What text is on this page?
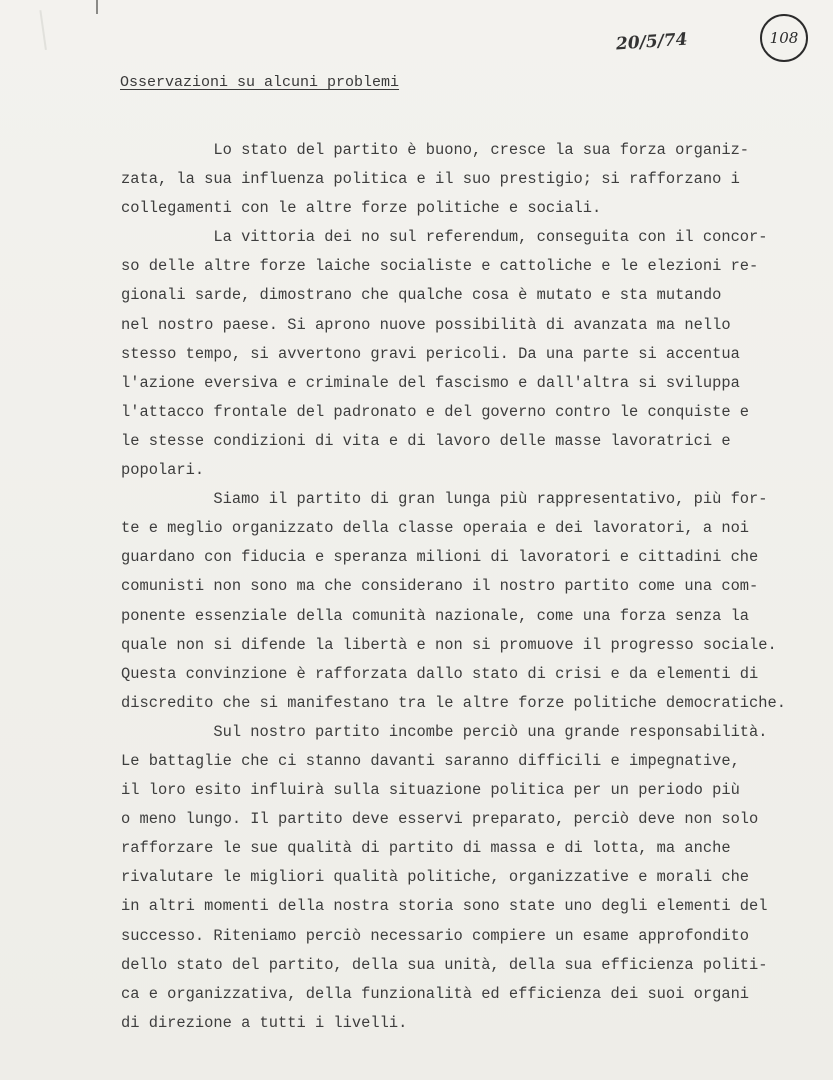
20/5/74	108
Osservazioni su alcuni problemi
Lo stato del partito è buono, cresce la sua forza organiz-
zata, la sua influenza politica e il suo prestigio; si rafforzano i
collegamenti con le altre forze politiche e sociali.
La vittoria dei no sul referendum, conseguita con il concor-
so delle altre forze laiche socialiste e cattoliche e le elezioni re-
gionali sarde, dimostrano che qualche cosa è mutato e sta mutando
nel nostro paese. Si aprono nuove possibilità di avanzata ma nello
stesso tempo, si avvertono gravi pericoli. Da una parte si accentua
l'azione eversiva e criminale del fascismo e dall'altra si sviluppa
l'attacco frontale del padronato e del governo contro le conquiste e
le stesse condizioni di vita e di lavoro delle masse lavoratrici e
popolari.
Siamo il partito di gran lunga più rappresentativo, più for-
te e meglio organizzato della classe operaia e dei lavoratori, a noi
guardano con fiducia e speranza milioni di lavoratori e cittadini che
comunisti non sono ma che considerano il nostro partito come una com-
ponente essenziale della comunità nazionale, come una forza senza la
quale non si difende la libertà e non si promuove il progresso sociale.
Questa convinzione è rafforzata dallo stato di crisi e da elementi di
discredito che si manifestano tra le altre forze politiche democratiche.
Sul nostro partito incombe perciò una grande responsabilità.
Le battaglie che ci stanno davanti saranno difficili e impegnative,
il loro esito influirà sulla situazione politica per un periodo più
o meno lungo. Il partito deve esservi preparato, perciò deve non solo
rafforzare le sue qualità di partito di massa e di lotta, ma anche
rivalutare le migliori qualità politiche, organizzative e morali che
in altri momenti della nostra storia sono state uno degli elementi del
successo. Riteniamo perciò necessario compiere un esame approfondito
dello stato del partito, della sua unità, della sua efficienza politi-
ca e organizzativa, della funzionalità ed efficienza dei suoi organi
di direzione a tutti i livelli.
